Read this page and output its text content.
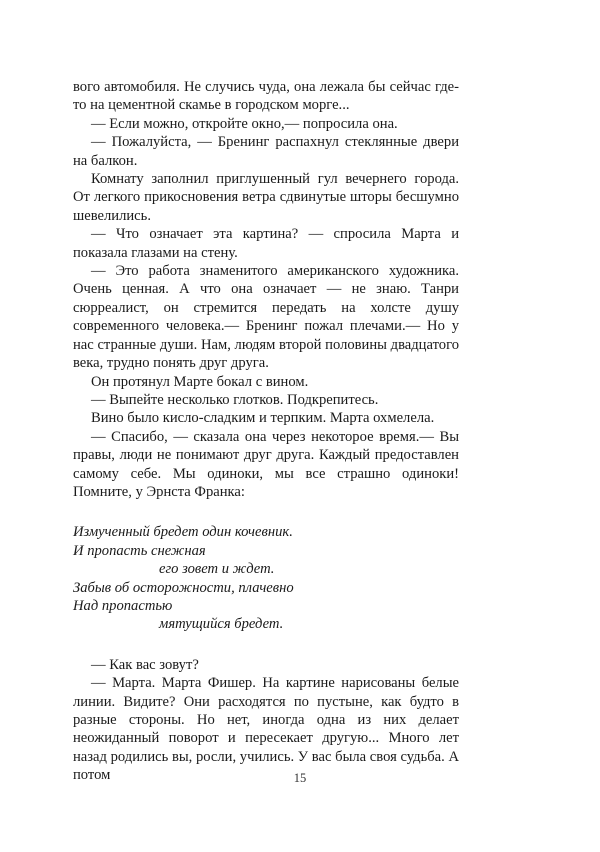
вого автомобиля. Не случись чуда, она лежала бы сейчас где-то на цементной скамье в городском морге...

— Если можно, откройте окно,— попросила она.

— Пожалуйста, — Бренинг распахнул стеклянные двери на балкон.

Комнату заполнил приглушенный гул вечернего города. От легкого прикосновения ветра сдвинутые шторы бесшумно шевелились.

— Что означает эта картина? — спросила Марта и показала глазами на стену.

— Это работа знаменитого американского художника. Очень ценная. А что она означает — не знаю. Танри сюрреалист, он стремится передать на холсте душу современного человека.— Бренинг пожал плечами.— Но у нас странные души. Нам, людям второй половины двадцатого века, трудно понять друг друга.

Он протянул Марте бокал с вином.

— Выпейте несколько глотков. Подкрепитесь.

Вино было кисло-сладким и терпким. Марта охмелела.

— Спасибо, — сказала она через некоторое время.— Вы правы, люди не понимают друг друга. Каждый предоставлен самому себе. Мы одиноки, мы все страшно одиноки! Помните, у Эрнста Франка:

Измученный бредет один кочевник.
И пропасть снежная
его зовет и ждет.
Забыв об осторожности, плачевно
Над пропастью
мятущийся бредет.

— Как вас зовут?

— Марта. Марта Фишер. На картине нарисованы белые линии. Видите? Они расходятся по пустыне, как будто в разные стороны. Но нет, иногда одна из них делает неожиданный поворот и пересекает другую... Много лет назад родились вы, росли, учились. У вас была своя судьба. А потом	15
